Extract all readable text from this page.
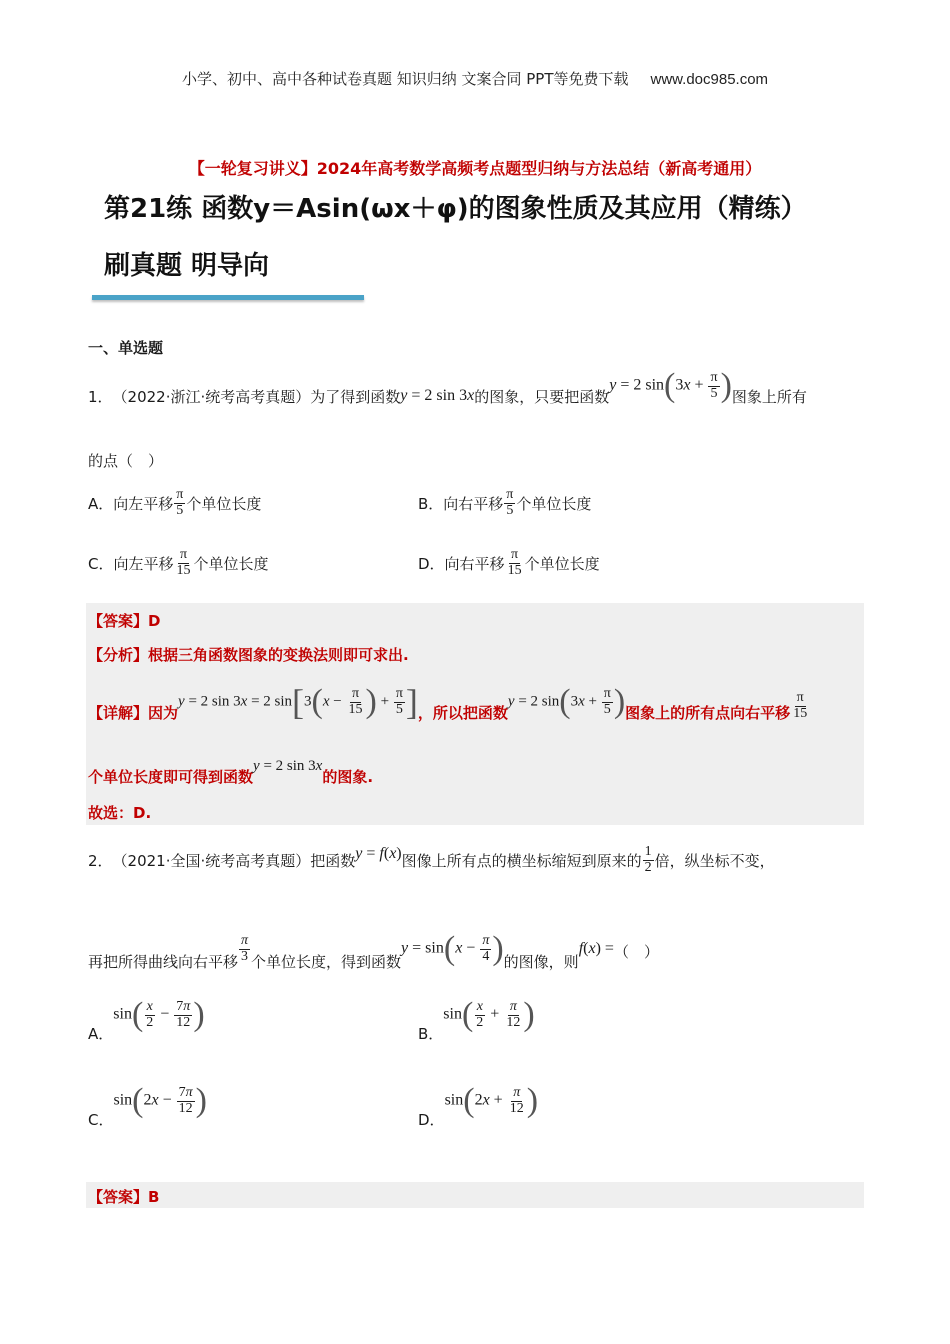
小学、初中、高中各种试卷真题 知识归纳 文案合同 PPT等免费下载 www.doc985.com
【一轮复习讲义】2024年高考数学高频考点题型归纳与方法总结（新高考通用）
第21练 函数y＝Asin(ωx＋φ)的图象性质及其应用（精练）
刷真题 明导向
一、单选题
1． （2022·浙江·统考高考真题）为了得到函数 y = 2 sin 3x 的图象，只要把函数
y = 2 $\sin(3x + \frac{\pi}{5}$ ) 图象上所有
的点（　）
A．向左平移 $\frac{\pi}{5}$ 个单位长度	B．向右平移 $\frac{\pi}{5}$ 个单位长度
C．向左平移 $\frac{\pi}{15}$ 个单位长度	D．向右平移 $\frac{\pi}{15}$ 个单位长度
【答案】D
【分析】根据三角函数图象的变换法则即可求出.
【详解】因为
y = 2 sin 3x = 2 $\sin[3(x - \frac{\pi}{15}$ ) + $\frac{\pi}{5}$ ] ，所以把函数
y = 2 $\sin(3x + \frac{\pi}{5}$ ) 图象上的所有点向右平移 $\frac{\pi}{15}$
个单位长度即可得到函数
y = 2 sin 3x
的图象.
故选：D.
2． （2021·全国·统考高考真题）把函数 y = f(x) 图像上所有点的横坐标缩短到原来的 $\frac{1}{2}$ 倍，纵坐标不变，
再把所得曲线向右平移 $\frac{\pi}{3}$ 个单位长度，得到函数
$y = \sin(x - \frac{\pi}{4}$ ) 的图像，则
f(x) = （　）
A．
$\sin( \frac{x}{2} - \frac{7\pi}{12}$ )
B．
$\sin( \frac{x}{2} + \frac{\pi}{12}$ )
C．
$\sin(2x - \frac{7\pi}{12}$ )
D．
$\sin(2x + \frac{\pi}{12}$ )
【答案】B
